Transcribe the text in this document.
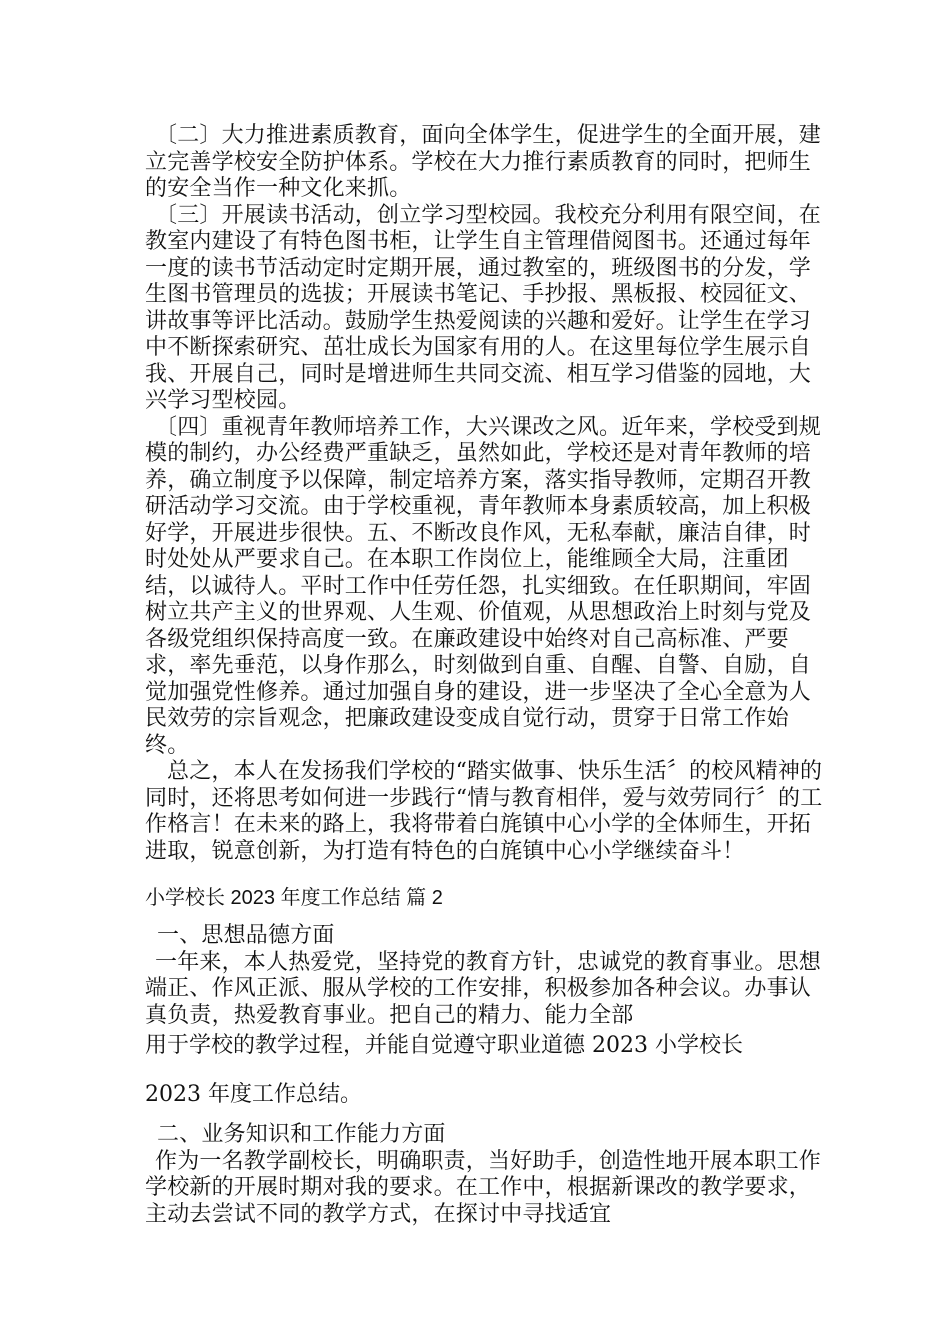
〔二〕大力推进素质教育，面向全体学生，促进学生的全面开展，建立完善学校安全防护体系。学校在大力推行素质教育的同时，把师生的安全当作一种文化来抓。

〔三〕开展读书活动，创立学习型校园。我校充分利用有限空间，在教室内建设了有特色图书柜，让学生自主管理借阅图书。还通过每年一度的读书节活动定时定期开展，通过教室的，班级图书的分发，学生图书管理员的选拔；开展读书笔记、手抄报、黑板报、校园征文、讲故事等评比活动。鼓励学生热爱阅读的兴趣和爱好。让学生在学习中不断探索研究、茁壮成长为国家有用的人。在这里每位学生展示自我、开展自己，同时是增进师生共同交流、相互学习借鉴的园地，大兴学习型校园。

〔四〕重视青年教师培养工作，大兴课改之风。近年来，学校受到规模的制约，办公经费严重缺乏，虽然如此，学校还是对青年教师的培养，确立制度予以保障，制定培养方案，落实指导教师，定期召开教研活动学习交流。由于学校重视，青年教师本身素质较高，加上积极好学，开展进步很快。五、不断改良作风，无私奉献，廉洁自律，时时处处从严要求自己。在本职工作岗位上，能维顾全大局，注重团结，以诚待人。平时工作中任劳任怨，扎实细致。在任职期间，牢固树立共产主义的世界观、人生观、价值观，从思想政治上时刻与党及各级党组织保持高度一致。在廉政建设中始终对自己高标准、严要求，率先垂范，以身作那么，时刻做到自重、自醒、自警、自励，自觉加强党性修养。通过加强自身的建设，进一步坚决了全心全意为人民效劳的宗旨观念，把廉政建设变成自觉行动，贯穿于日常工作始终。

总之，本人在发扬我们学校的“踏实做事、快乐生活〞的校风精神的同时，还将思考如何进一步践行“情与教育相伴，爱与效劳同行〞的工作格言！在未来的路上，我将带着白旄镇中心小学的全体师生，开拓进取，锐意创新，为打造有特色的白旄镇中心小学继续奋斗！

小学校长 2023 年度工作总结 篇 2

一、思想品德方面

一年来，本人热爱党，坚持党的教育方针，忠诚党的教育事业。思想端正、作风正派、服从学校的工作安排，积极参加各种会议。办事认真负责，热爱教育事业。把自己的精力、能力全部

用于学校的教学过程，并能自觉遵守职业道德 2023 小学校长
2023 年度工作总结。

二、业务知识和工作能力方面

作为一名教学副校长，明确职责，当好助手，创造性地开展本职工作学校新的开展时期对我的要求。在工作中，根据新课改的教学要求，主动去尝试不同的教学方式，在探讨中寻找适宜
